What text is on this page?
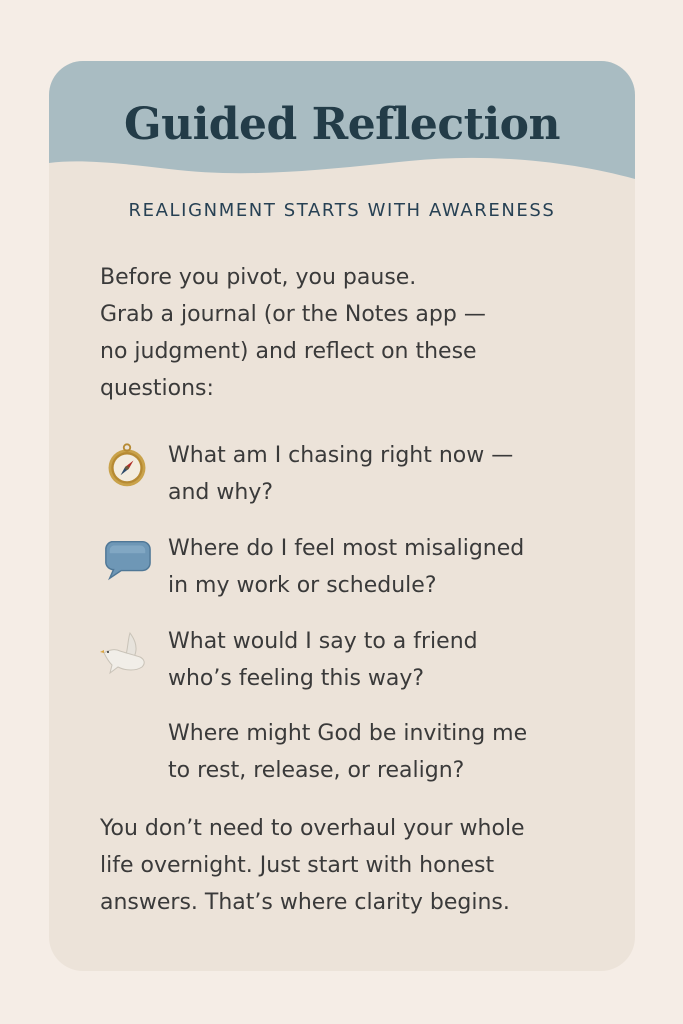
Guided Reflection

REALIGNMENT STARTS WITH AWARENESS

Before you pivot, you pause.
Grab a journal (or the Notes app —
no judgment) and reflect on these
questions:

What am I chasing right now —
and why?
Where do I feel most misaligned
in my work or schedule?
What would I say to a friend
who’s feeling this way?
Where might God be inviting me
to rest, release, or realign?

You don’t need to overhaul your whole
life overnight. Just start with honest
answers. That’s where clarity begins.
